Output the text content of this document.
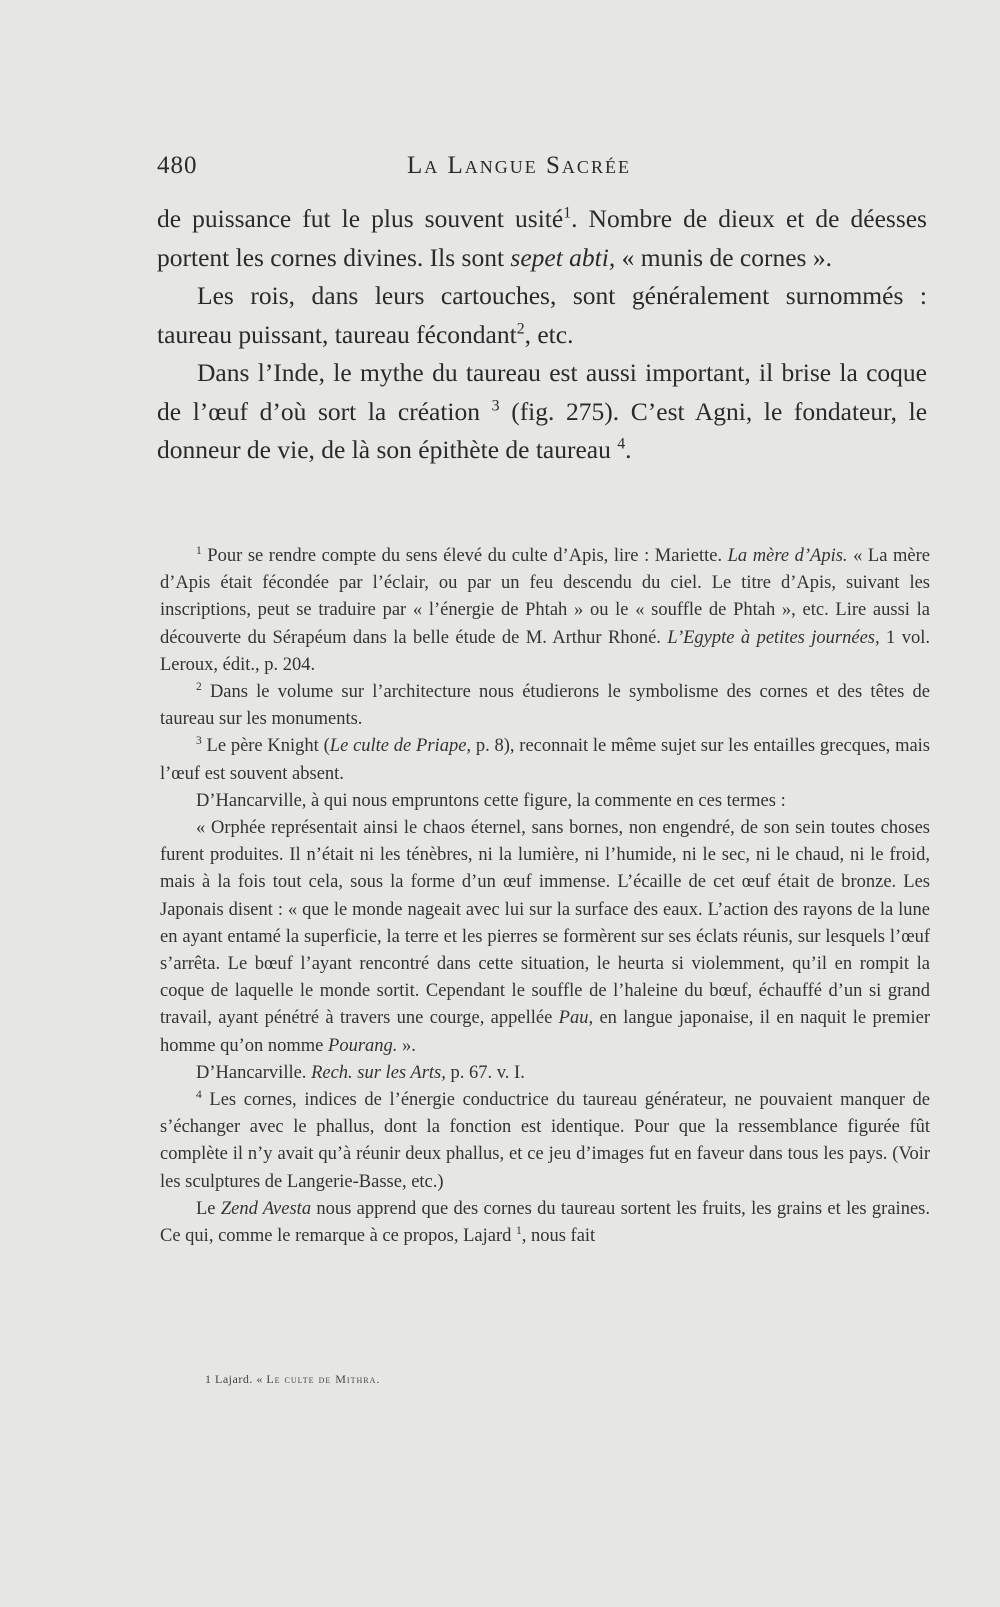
480	La Langue Sacrée

de puissance fut le plus souvent usité$^1$. Nombre de dieux et de déesses portent les cornes divines. Ils sont sepet abti, « munis de cornes ».

Les rois, dans leurs cartouches, sont généralement surnommés : taureau puissant, taureau fécondant$^2$, etc.

Dans l’Inde, le mythe du taureau est aussi important, il brise la coque de l’œuf d’où sort la création $^3$ (fig. 275). C’est Agni, le fondateur, le donneur de vie, de là son épithète de taureau $^4$.

$^1$ Pour se rendre compte du sens élevé du culte d’Apis, lire : Mariette. La mère d’Apis. « La mère d’Apis était fécondée par l’éclair, ou par un feu descendu du ciel. Le titre d’Apis, suivant les inscriptions, peut se traduire par « l’énergie de Phtah » ou le « souffle de Phtah », etc. Lire aussi la découverte du Sérapéum dans la belle étude de M. Arthur Rhoné. L’Egypte à petites journées, 1 vol. Leroux, édit., p. 204.

$^2$ Dans le volume sur l’architecture nous étudierons le symbolisme des cornes et des têtes de taureau sur les monuments.

$^3$ Le père Knight (Le culte de Priape, p. 8), reconnait le même sujet sur les entailles grecques, mais l’œuf est souvent absent.

D’Hancarville, à qui nous empruntons cette figure, la commente en ces termes :

« Orphée représentait ainsi le chaos éternel, sans bornes, non engendré, de son sein toutes choses furent produites. Il n’était ni les ténèbres, ni la lumière, ni l’humide, ni le sec, ni le chaud, ni le froid, mais à la fois tout cela, sous la forme d’un œuf immense. L’écaille de cet œuf était de bronze. Les Japonais disent : « que le monde nageait avec lui sur la surface des eaux. L’action des rayons de la lune en ayant entamé la superficie, la terre et les pierres se formèrent sur ses éclats réunis, sur lesquels l’œuf s’arrêta. Le bœuf l’ayant rencontré dans cette situation, le heurta si violemment, qu’il en rompit la coque de laquelle le monde sortit. Cependant le souffle de l’haleine du bœuf, échauffé d’un si grand travail, ayant pénétré à travers une courge, appellée Pau, en langue japonaise, il en naquit le premier homme qu’on nomme Pourang. ».

D’Hancarville. Rech. sur les Arts, p. 67. v. I.

$^4$ Les cornes, indices de l’énergie conductrice du taureau générateur, ne pouvaient manquer de s’échanger avec le phallus, dont la fonction est identique. Pour que la ressemblance figurée fût complète il n’y avait qu’à réunir deux phallus, et ce jeu d’images fut en faveur dans tous les pays. (Voir les sculptures de Langerie-Basse, etc.)

Le Zend Avesta nous apprend que des cornes du taureau sortent les fruits, les grains et les graines. Ce qui, comme le remarque à ce propos, Lajard $^1$, nous fait

1 Lajard. « Le culte de Mithra.
